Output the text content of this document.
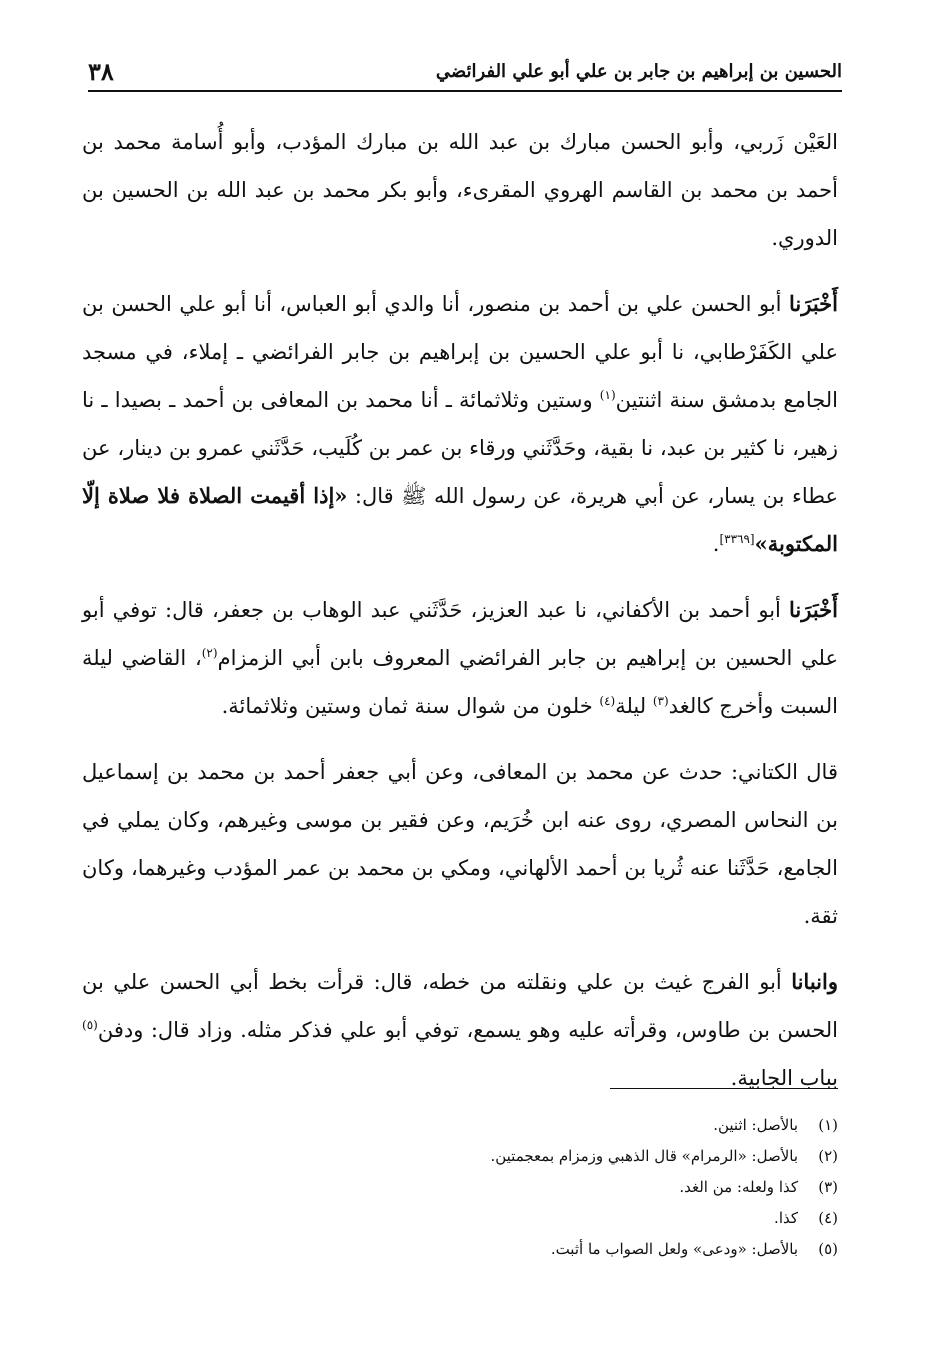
الحسين بن إبراهيم بن جابر بن علي أبو علي الفرائضي
٣٨

العَيْن زَربي، وأبو الحسن مبارك بن عبد الله بن مبارك المؤدب، وأبو أُسامة محمد بن أحمد بن محمد بن القاسم الهروي المقرىء، وأبو بكر محمد بن عبد الله بن الحسين بن الدوري.

أَخْبَرَنا أبو الحسن علي بن أحمد بن منصور، أنا والدي أبو العباس، أنا أبو علي الحسن بن علي الكَفَرْطابي، نا أبو علي الحسين بن إبراهيم بن جابر الفرائضي ـ إملاء، في مسجد الجامع بدمشق سنة اثنتين$^{(١)}$ وستين وثلاثمائة ـ أنا محمد بن المعافى بن أحمد ـ بصيدا ـ نا زهير، نا كثير بن عبد، نا بقية، وحَدَّثَني ورقاء بن عمر بن كُلَيب، حَدَّثَني عمرو بن دينار، عن عطاء بن يسار، عن أبي هريرة، عن رسول الله ﷺ قال: «إذا أقيمت الصلاة فلا صلاة إلّا المكتوبة»[٣٣٦٩].

أَخْبَرَنا أبو أحمد بن الأكفاني، نا عبد العزيز، حَدَّثَني عبد الوهاب بن جعفر، قال: توفي أبو علي الحسين بن إبراهيم بن جابر الفرائضي المعروف بابن أبي الزمزام$^{(٢)}$، القاضي ليلة السبت وأخرج كالغد$^{(٣)}$ ليلة$^{(٤)}$ خلون من شوال سنة ثمان وستين وثلاثمائة.

قال الكتاني: حدث عن محمد بن المعافى، وعن أبي جعفر أحمد بن محمد بن إسماعيل بن النحاس المصري، روى عنه ابن خُرَيم، وعن فقير بن موسى وغيرهم، وكان يملي في الجامع، حَدَّثَنا عنه ثُريا بن أحمد الألهاني، ومكي بن محمد بن عمر المؤدب وغيرهما، وكان ثقة.

وانبانا أبو الفرج غيث بن علي ونقلته من خطه، قال: قرأت بخط أبي الحسن علي بن الحسن بن طاوس، وقرأته عليه وهو يسمع، توفي أبو علي فذكر مثله. وزاد قال: ودفن$^{(٥)}$ بباب الجابية.

(١)
بالأصل: اثنين.
(٢)
بالأصل: «الرمرام» قال الذهبي وزمزام بمعجمتين.
(٣)
كذا ولعله: من الغد.
(٤)
كذا.
(٥)
بالأصل: «ودعى» ولعل الصواب ما أثبت.
